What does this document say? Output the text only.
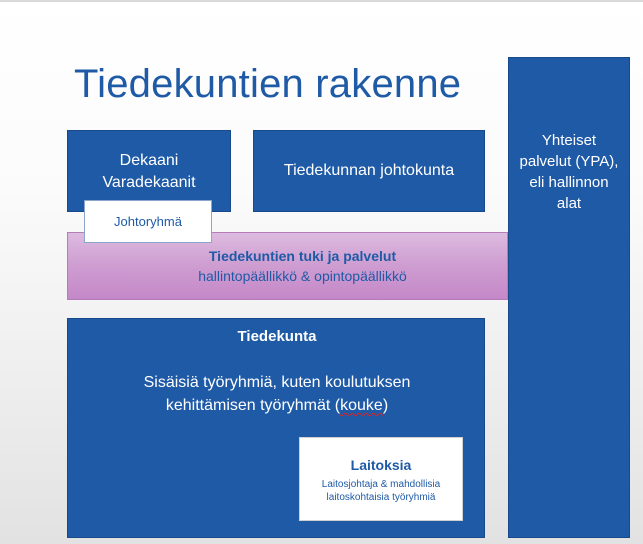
Tiedekuntien rakenne
Dekaani
Varadekaanit
Tiedekunnan johtokunta
Yhteiset
palvelut (YPA),
eli hallinnon
alat
Tiedekuntien tuki ja palvelut
hallintopäällikkö & opintopäällikkö
Johtoryhmä
Tiedekunta
Sisäisiä työryhmiä, kuten koulutuksen
kehittämisen työryhmät (kouke)
Laitoksia
Laitosjohtaja & mahdollisia
laitoskohtaisia työryhmiä
